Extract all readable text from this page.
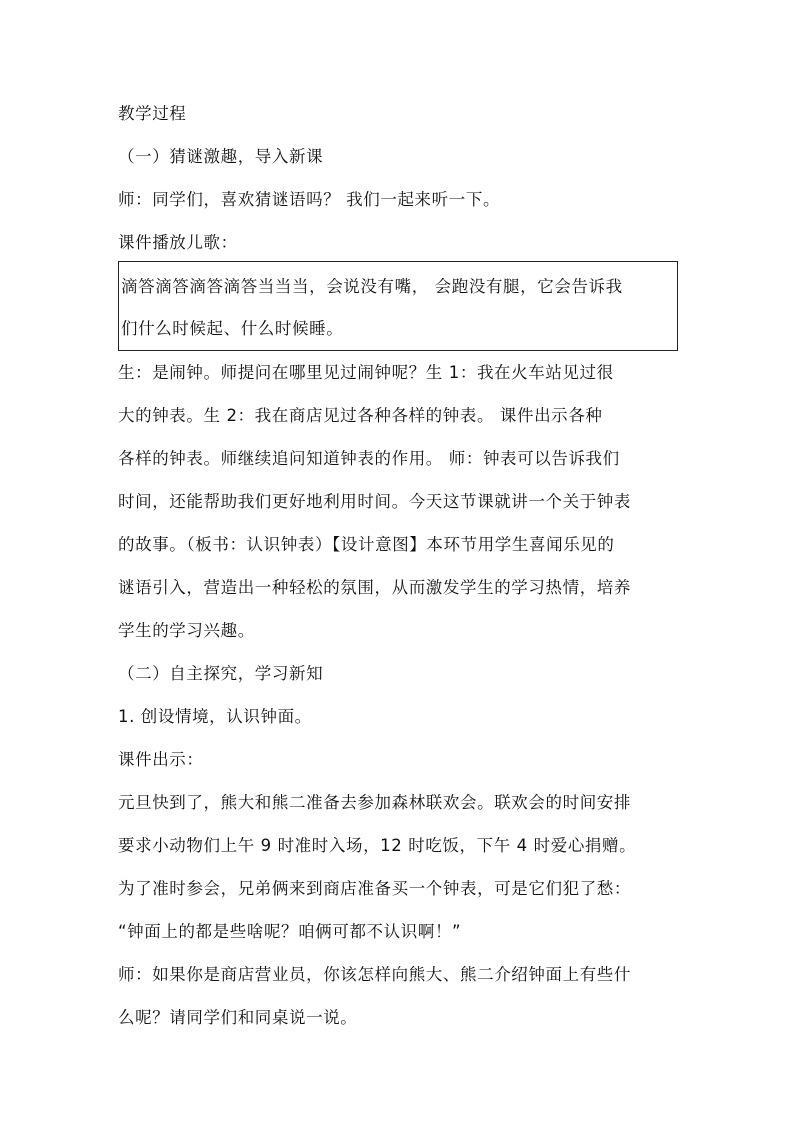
教学过程
（一）猜谜激趣，导入新课
师：同学们，喜欢猜谜语吗？ 我们一起来听一下。
课件播放儿歌：
滴答滴答滴答滴答当当当，会说没有嘴， 会跑没有腿，它会告诉我
们什么时候起、什么时候睡。
生：是闹钟。师提问在哪里见过闹钟呢？生 1：我在火车站见过很
大的钟表。生 2：我在商店见过各种各样的钟表。 课件出示各种
各样的钟表。师继续追问知道钟表的作用。 师：钟表可以告诉我们
时间，还能帮助我们更好地利用时间。今天这节课就讲一个关于钟表
的故事。（板书：认识钟表）【设计意图】本环节用学生喜闻乐见的
谜语引入，营造出一种轻松的氛围，从而激发学生的学习热情，培养
学生的学习兴趣。
（二）自主探究，学习新知
1. 创设情境，认识钟面。
课件出示：
元旦快到了，熊大和熊二准备去参加森林联欢会。联欢会的时间安排
要求小动物们上午 9 时准时入场，12 时吃饭，下午 4 时爱心捐赠。
为了准时参会，兄弟俩来到商店准备买一个钟表，可是它们犯了愁：
“钟面上的都是些啥呢？咱俩可都不认识啊！”
师：如果你是商店营业员，你该怎样向熊大、熊二介绍钟面上有些什
么呢？请同学们和同桌说一说。
